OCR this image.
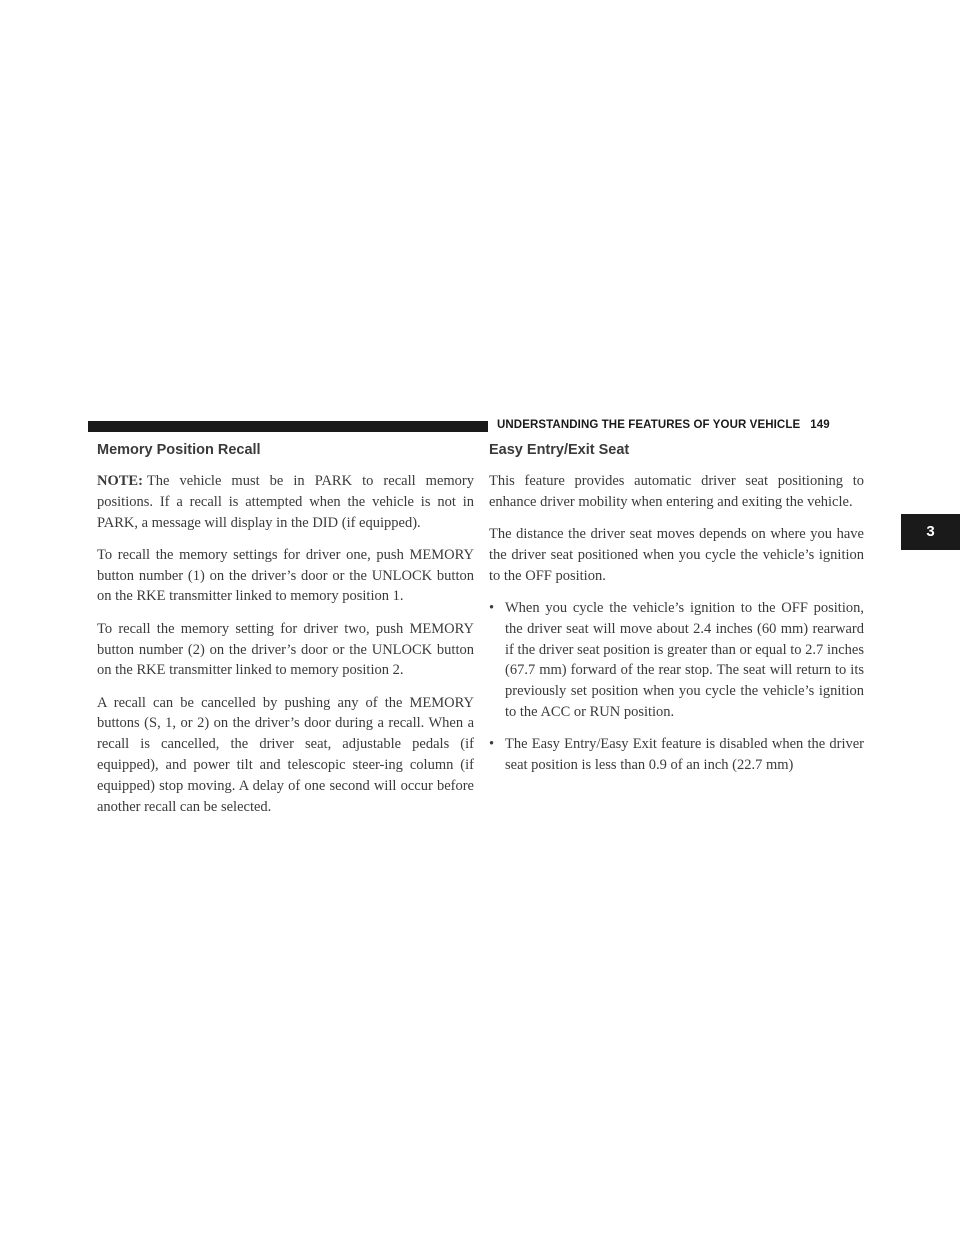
UNDERSTANDING THE FEATURES OF YOUR VEHICLE 149
3
Memory Position Recall

NOTE: The vehicle must be in PARK to recall memory positions. If a recall is attempted when the vehicle is not in PARK, a message will display in the DID (if equipped).

To recall the memory settings for driver one, push MEMORY button number (1) on the driver’s door or the UNLOCK button on the RKE transmitter linked to memory position 1.

To recall the memory setting for driver two, push MEMORY button number (2) on the driver’s door or the UNLOCK button on the RKE transmitter linked to memory position 2.

A recall can be cancelled by pushing any of the MEMORY buttons (S, 1, or 2) on the driver’s door during a recall. When a recall is cancelled, the driver seat, adjustable pedals (if equipped), and power tilt and telescopic steer-ing column (if equipped) stop moving. A delay of one second will occur before another recall can be selected.

Easy Entry/Exit Seat

This feature provides automatic driver seat positioning to enhance driver mobility when entering and exiting the vehicle.

The distance the driver seat moves depends on where you have the driver seat positioned when you cycle the vehicle’s ignition to the OFF position.

• When you cycle the vehicle’s ignition to the OFF position, the driver seat will move about 2.4 inches (60 mm) rearward if the driver seat position is greater than or equal to 2.7 inches (67.7 mm) forward of the rear stop. The seat will return to its previously set position when you cycle the vehicle’s ignition to the ACC or RUN position.
• The Easy Entry/Easy Exit feature is disabled when the driver seat position is less than 0.9 of an inch (22.7 mm)
